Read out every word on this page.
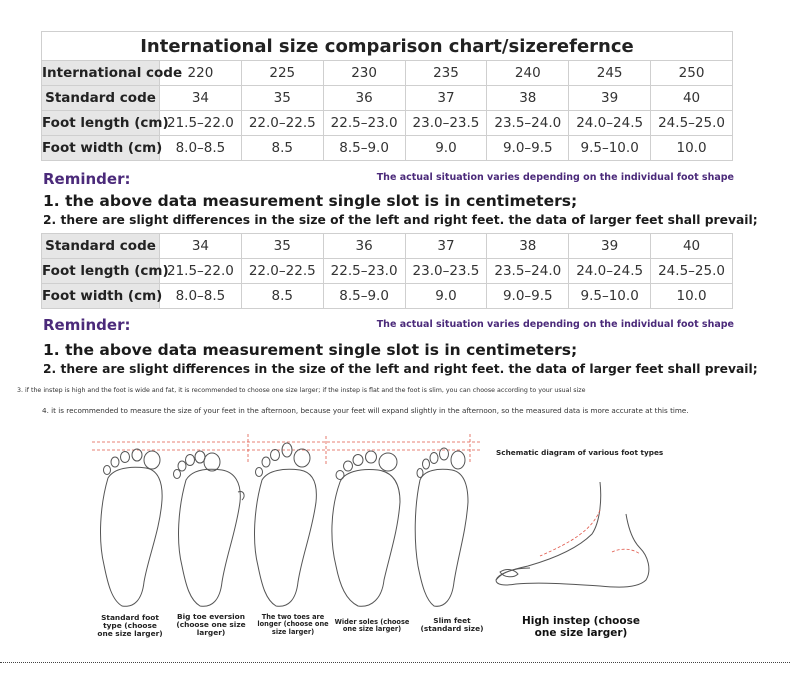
International size comparison chart/sizerefernce							
International code	220	225	230	235	240	245	250
Standard code	34	35	36	37	38	39	40
Foot length (cm)	21.5–22.0	22.0–22.5	22.5–23.0	23.0–23.5	23.5–24.0	24.0–24.5	24.5–25.0
Foot width (cm)	8.0–8.5	8.5	8.5–9.0	9.0	9.0–9.5	9.5–10.0	10.0
Reminder:	The actual situation varies depending on the individual foot shape
1. the above data measurement single slot is in centimeters;
2. there are slight differences in the size of the left and right feet. the data of larger feet shall prevail;
Standard code	34	35	36	37	38	39	40
Foot length (cm)	21.5–22.0	22.0–22.5	22.5–23.0	23.0–23.5	23.5–24.0	24.0–24.5	24.5–25.0
Foot width (cm)	8.0–8.5	8.5	8.5–9.0	9.0	9.0–9.5	9.5–10.0	10.0
Reminder:	The actual situation varies depending on the individual foot shape
1. the above data measurement single slot is in centimeters;
2. there are slight differences in the size of the left and right feet. the data of larger feet shall prevail;
3. if the instep is high and the foot is wide and fat, it is recommended to choose one size larger; if the instep is flat and the foot is slim, you can choose according to your usual size
4. it is recommended to measure the size of your feet in the afternoon, because your feet will expand slightly in the afternoon, so the measured data is more accurate at this time.
Schematic diagram of various foot types
Standard foot
type (choose
one size larger)
Big toe eversion
(choose one size
larger)
The two toes are
longer (choose one
size larger)
Wider soles (choose
one size larger)
Slim feet
(standard size)
High instep (choose
one size larger)
